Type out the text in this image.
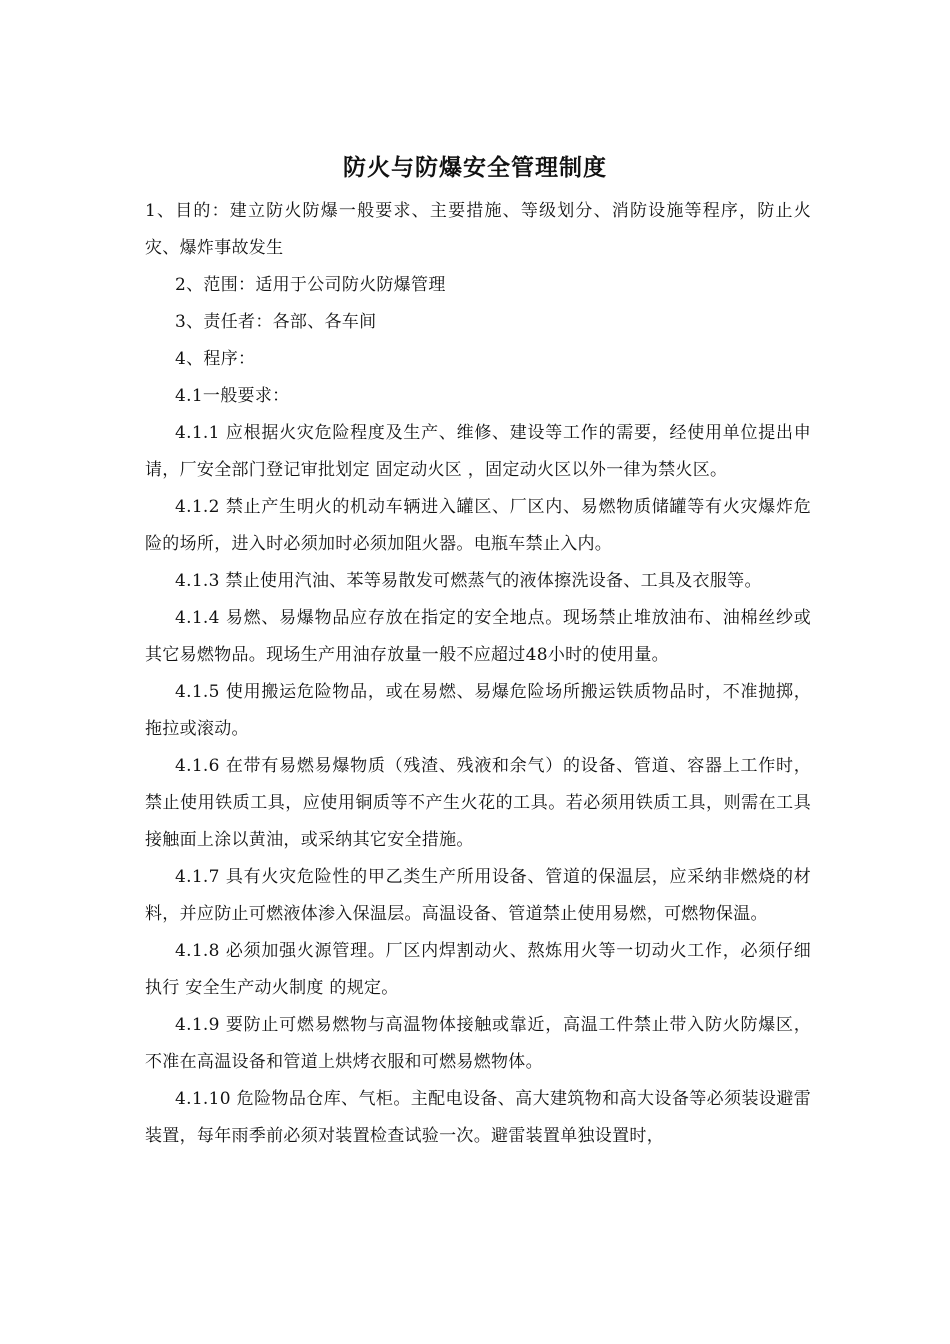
防火与防爆安全管理制度

1、目的：建立防火防爆一般要求、主要措施、等级划分、消防设施等程序，防止火灾、爆炸事故发生

2、范围：适用于公司防火防爆管理

3、责任者：各部、各车间

4、程序：

4.1一般要求：

4.1.1 应根据火灾危险程度及生产、维修、建设等工作的需要，经使用单位提出申请，厂安全部门登记审批划定 固定动火区 ，固定动火区以外一律为禁火区。

4.1.2 禁止产生明火的机动车辆进入罐区、厂区内、易燃物质储罐等有火灾爆炸危险的场所，进入时必须加时必须加阻火器。电瓶车禁止入内。

4.1.3 禁止使用汽油、苯等易散发可燃蒸气的液体擦洗设备、工具及衣服等。

4.1.4 易燃、易爆物品应存放在指定的安全地点。现场禁止堆放油布、油棉丝纱或其它易燃物品。现场生产用油存放量一般不应超过48小时的使用量。

4.1.5 使用搬运危险物品，或在易燃、易爆危险场所搬运铁质物品时，不准抛掷，拖拉或滚动。

4.1.6 在带有易燃易爆物质（残渣、残液和余气）的设备、管道、容器上工作时，禁止使用铁质工具，应使用铜质等不产生火花的工具。若必须用铁质工具，则需在工具接触面上涂以黄油，或采纳其它安全措施。

4.1.7 具有火灾危险性的甲乙类生产所用设备、管道的保温层，应采纳非燃烧的材料，并应防止可燃液体渗入保温层。高温设备、管道禁止使用易燃，可燃物保温。

4.1.8 必须加强火源管理。厂区内焊割动火、熬炼用火等一切动火工作，必须仔细执行 安全生产动火制度 的规定。

4.1.9 要防止可燃易燃物与高温物体接触或靠近，高温工件禁止带入防火防爆区，不准在高温设备和管道上烘烤衣服和可燃易燃物体。

4.1.10 危险物品仓库、气柜。主配电设备、高大建筑物和高大设备等必须装设避雷装置，每年雨季前必须对装置检查试验一次。避雷装置单独设置时，
